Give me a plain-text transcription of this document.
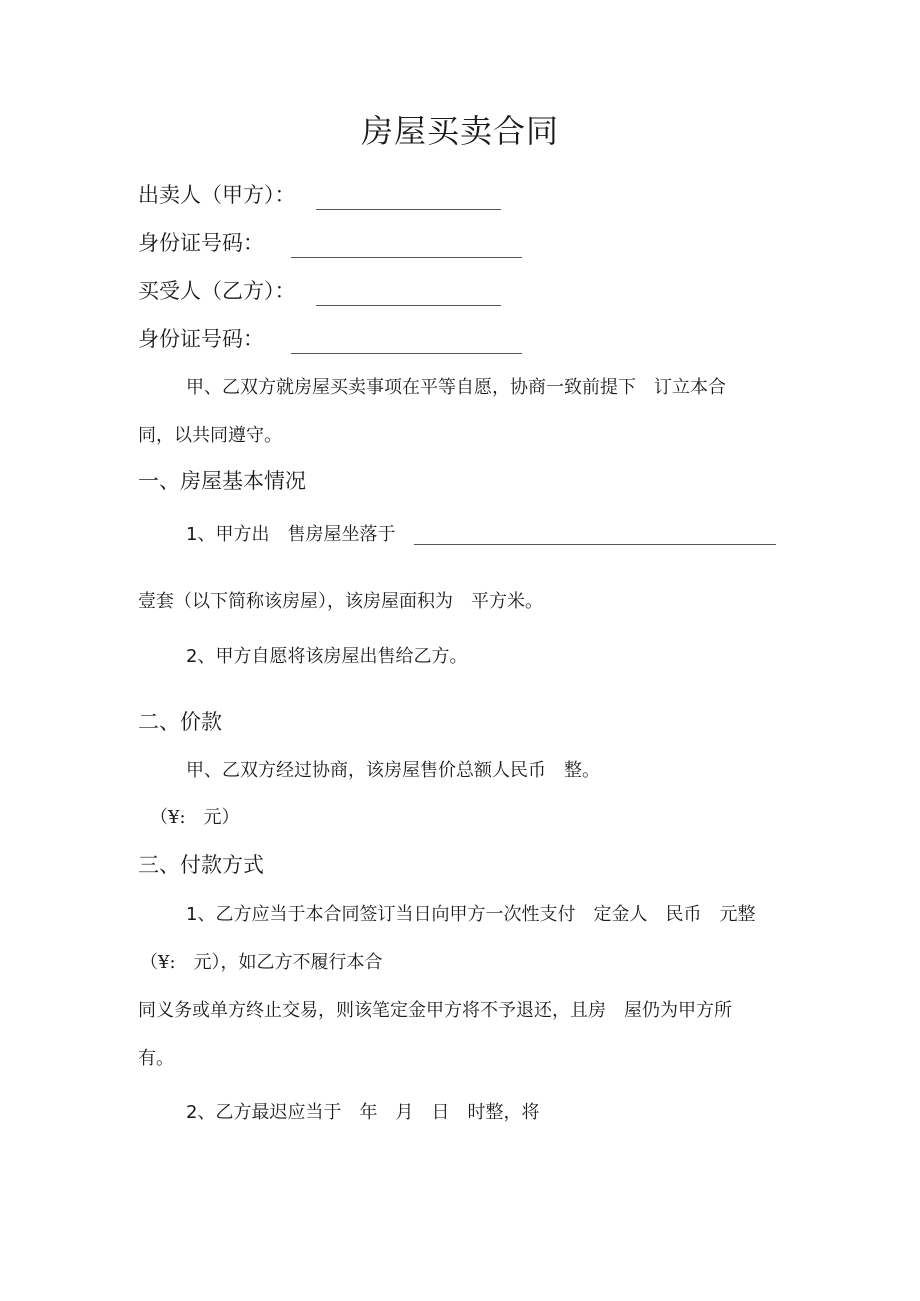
房屋买卖合同
出卖人（甲方）：
身份证号码：
买受人（乙方）：
身份证号码：
甲、乙双方就房屋买卖事项在平等自愿，协商一致前提下　订立本合
同，以共同遵守。
一、房屋基本情况
1、甲方出　售房屋坐落于
壹套（以下简称该房屋），该房屋面积为　平方米。
2、甲方自愿将该房屋出售给乙方。
二、价款
甲、乙双方经过协商，该房屋售价总额人民币　整。
（¥:　元）
三、付款方式
1、乙方应当于本合同签订当日向甲方一次性支付　定金人　民币　元整
（¥:　元），如乙方不履行本合
同义务或单方终止交易，则该笔定金甲方将不予退还，且房　屋仍为甲方所
有。
2、乙方最迟应当于　年　月　日　时整，将
